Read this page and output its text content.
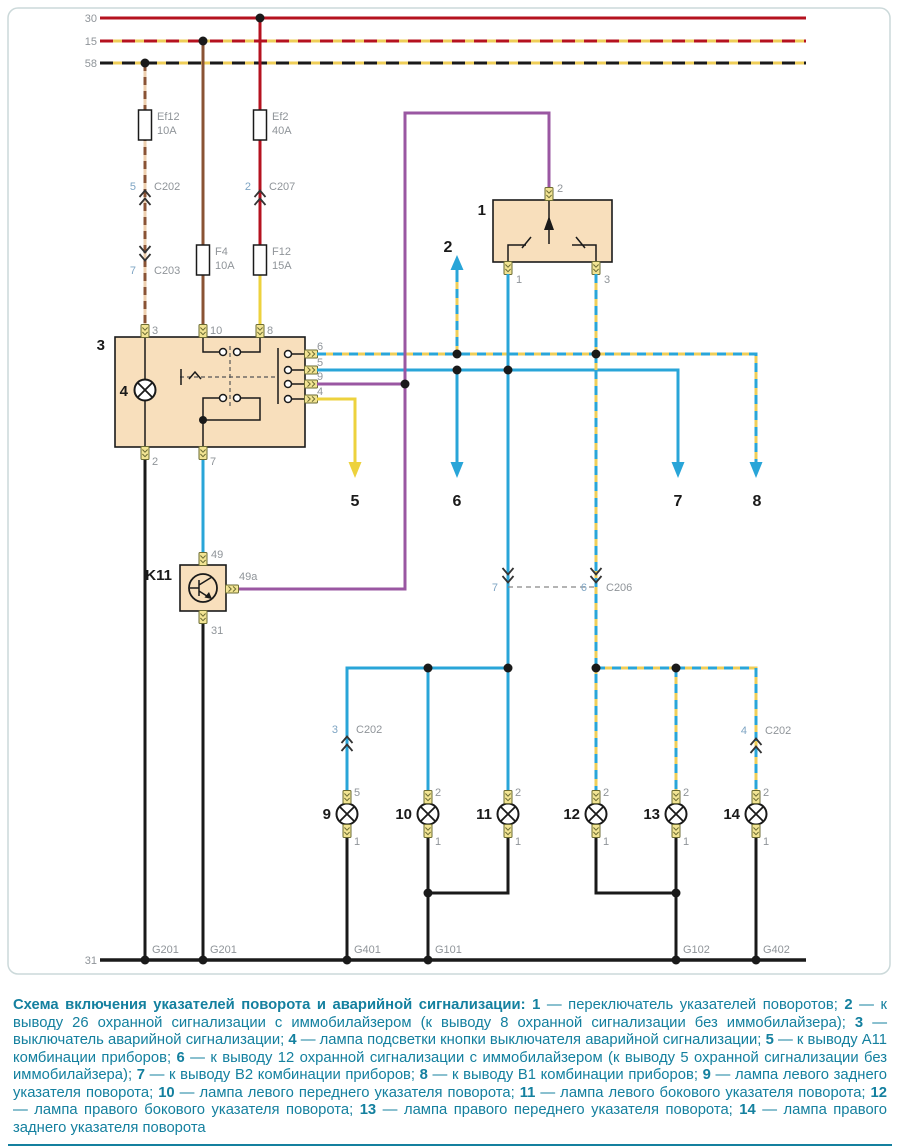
30
15
58
Ef12
10A
Ef2
40A
F4
10A
F12
15A
5 C202
7 C203
2 C207
3
4
3	10	8
2	7
6
5
9
4
2
5	6	7	8
1
2
1	3
7	6 C206
K11
49
49a
31
3 C202	4 C202
9
5
1
10
2
1
11
2
1
12
2
1
13
2
1
14
2
1
31
G201	G201	G401	G101	G102	G402

Схема включения указателей поворота и аварийной сигнализации: 1 — переключатель указателей поворотов; 2 — к выводу 26 охранной сигнализации с иммобилайзером (к выводу 8 охранной сигнализации без иммобилайзера); 3 — выключатель аварийной сигнализации; 4 — лампа подсветки кнопки выключателя аварийной сигнализации; 5 — к выводу А11 комбинации приборов; 6 — к выводу 12 охранной сигнализации с иммобилайзером (к выводу 5 охранной сигнализации без иммобилайзера); 7 — к выводу В2 комбинации приборов; 8 — к выводу В1 комбинации приборов; 9 — лампа левого заднего указателя поворота; 10 — лампа левого переднего указателя поворота; 11 — лампа левого бокового указателя поворота; 12 — лампа правого бокового указателя поворота; 13 — лампа правого переднего указателя поворота; 14 — лампа правого заднего указателя поворота
